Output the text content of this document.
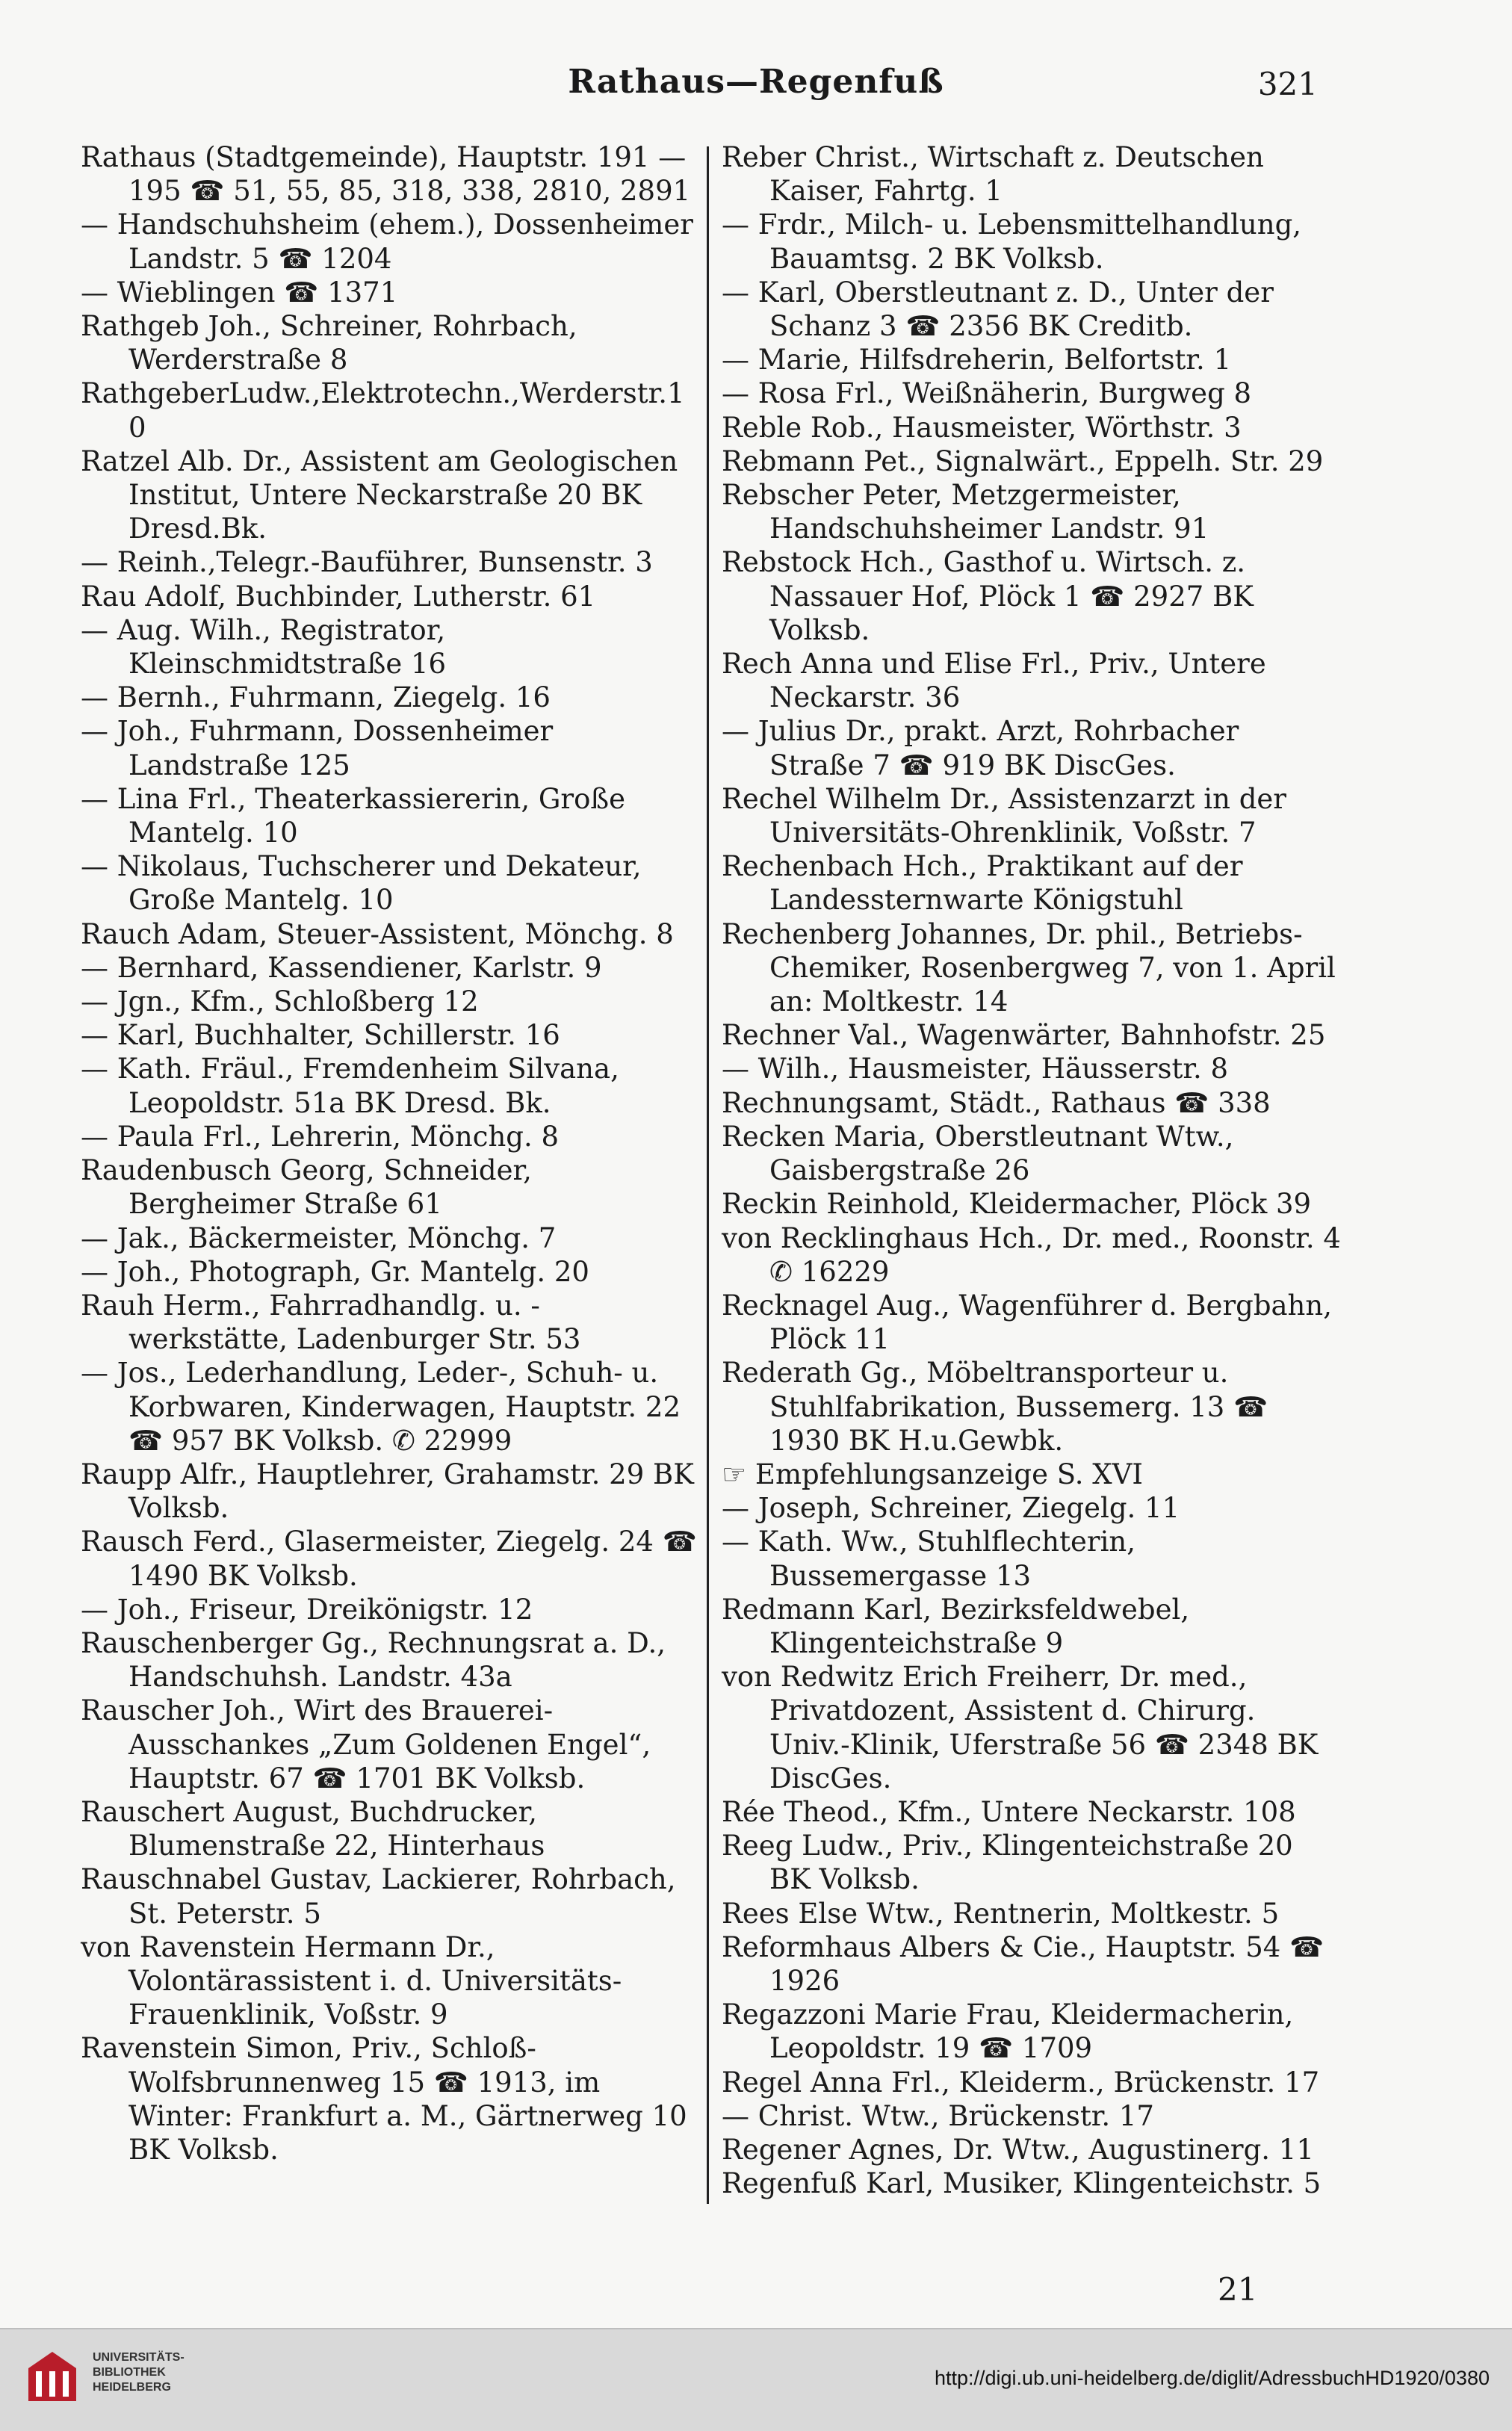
Rathaus—Regenfuß	321
Rathaus (Stadtgemeinde), Hauptstr. 191 —195 ☎ 51, 55, 85, 318, 338, 2810, 2891
— Handschuhsheim (ehem.), Dossenheimer Landstr. 5 ☎ 1204
— Wieblingen ☎ 1371
Rathgeb Joh., Schreiner, Rohrbach, Werderstraße 8
RathgeberLudw.,Elektrotechn.,Werderstr.10
Ratzel Alb. Dr., Assistent am Geologischen Institut, Untere Neckarstraße 20 BK Dresd.Bk.
— Reinh.,Telegr.-Bauführer, Bunsenstr. 3
Rau Adolf, Buchbinder, Lutherstr. 61
— Aug. Wilh., Registrator, Kleinschmidtstraße 16
— Bernh., Fuhrmann, Ziegelg. 16
— Joh., Fuhrmann, Dossenheimer Landstraße 125
— Lina Frl., Theaterkassiererin, Große Mantelg. 10
— Nikolaus, Tuchscherer und Dekateur, Große Mantelg. 10
Rauch Adam, Steuer-Assistent, Mönchg. 8
— Bernhard, Kassendiener, Karlstr. 9
— Jgn., Kfm., Schloßberg 12
— Karl, Buchhalter, Schillerstr. 16
— Kath. Fräul., Fremdenheim Silvana, Leopoldstr. 51a BK Dresd. Bk.
— Paula Frl., Lehrerin, Mönchg. 8
Raudenbusch Georg, Schneider, Bergheimer Straße 61
— Jak., Bäckermeister, Mönchg. 7
— Joh., Photograph, Gr. Mantelg. 20
Rauh Herm., Fahrradhandlg. u. -werkstätte, Ladenburger Str. 53
— Jos., Lederhandlung, Leder-, Schuh- u. Korbwaren, Kinderwagen, Hauptstr. 22 ☎ 957 BK Volksb. ✆ 22999
Raupp Alfr., Hauptlehrer, Grahamstr. 29 BK Volksb.
Rausch Ferd., Glasermeister, Ziegelg. 24 ☎ 1490 BK Volksb.
— Joh., Friseur, Dreikönigstr. 12
Rauschenberger Gg., Rechnungsrat a. D., Handschuhsh. Landstr. 43a
Rauscher Joh., Wirt des Brauerei-Ausschankes „Zum Goldenen Engel“, Hauptstr. 67 ☎ 1701 BK Volksb.
Rauschert August, Buchdrucker, Blumenstraße 22, Hinterhaus
Rauschnabel Gustav, Lackierer, Rohrbach, St. Peterstr. 5
von Ravenstein Hermann Dr., Volontärassistent i. d. Universitäts-Frauenklinik, Voßstr. 9
Ravenstein Simon, Priv., Schloß-Wolfsbrunnenweg 15 ☎ 1913, im Winter: Frankfurt a. M., Gärtnerweg 10 BK Volksb.
Reber Christ., Wirtschaft z. Deutschen Kaiser, Fahrtg. 1
— Frdr., Milch- u. Lebensmittelhandlung, Bauamtsg. 2 BK Volksb.
— Karl, Oberstleutnant z. D., Unter der Schanz 3 ☎ 2356 BK Creditb.
— Marie, Hilfsdreherin, Belfortstr. 1
— Rosa Frl., Weißnäherin, Burgweg 8
Reble Rob., Hausmeister, Wörthstr. 3
Rebmann Pet., Signalwärt., Eppelh. Str. 29
Rebscher Peter, Metzgermeister, Handschuhsheimer Landstr. 91
Rebstock Hch., Gasthof u. Wirtsch. z. Nassauer Hof, Plöck 1 ☎ 2927 BK Volksb.
Rech Anna und Elise Frl., Priv., Untere Neckarstr. 36
— Julius Dr., prakt. Arzt, Rohrbacher Straße 7 ☎ 919 BK DiscGes.
Rechel Wilhelm Dr., Assistenzarzt in der Universitäts-Ohrenklinik, Voßstr. 7
Rechenbach Hch., Praktikant auf der Landessternwarte Königstuhl
Rechenberg Johannes, Dr. phil., Betriebs-Chemiker, Rosenbergweg 7, von 1. April an: Moltkestr. 14
Rechner Val., Wagenwärter, Bahnhofstr. 25
— Wilh., Hausmeister, Häusserstr. 8
Rechnungsamt, Städt., Rathaus ☎ 338
Recken Maria, Oberstleutnant Wtw., Gaisbergstraße 26
Reckin Reinhold, Kleidermacher, Plöck 39
von Recklinghaus Hch., Dr. med., Roonstr. 4 ✆ 16229
Recknagel Aug., Wagenführer d. Bergbahn, Plöck 11
Rederath Gg., Möbeltransporteur u. Stuhlfabrikation, Bussemerg. 13 ☎ 1930 BK H.u.Gewbk.
☞ Empfehlungsanzeige S. XVI
— Joseph, Schreiner, Ziegelg. 11
— Kath. Ww., Stuhlflechterin, Bussemergasse 13
Redmann Karl, Bezirksfeldwebel, Klingenteichstraße 9
von Redwitz Erich Freiherr, Dr. med., Privatdozent, Assistent d. Chirurg. Univ.-Klinik, Uferstraße 56 ☎ 2348 BK DiscGes.
Rée Theod., Kfm., Untere Neckarstr. 108
Reeg Ludw., Priv., Klingenteichstraße 20 BK Volksb.
Rees Else Wtw., Rentnerin, Moltkestr. 5
Reformhaus Albers & Cie., Hauptstr. 54 ☎ 1926
Regazzoni Marie Frau, Kleidermacherin, Leopoldstr. 19 ☎ 1709
Regel Anna Frl., Kleiderm., Brückenstr. 17
— Christ. Wtw., Brückenstr. 17
Regener Agnes, Dr. Wtw., Augustinerg. 11
Regenfuß Karl, Musiker, Klingenteichstr. 5
21
UNIVERSITÄTS-
BIBLIOTHEK
HEIDELBERG	http://digi.ub.uni-heidelberg.de/diglit/AdressbuchHD1920/0380
